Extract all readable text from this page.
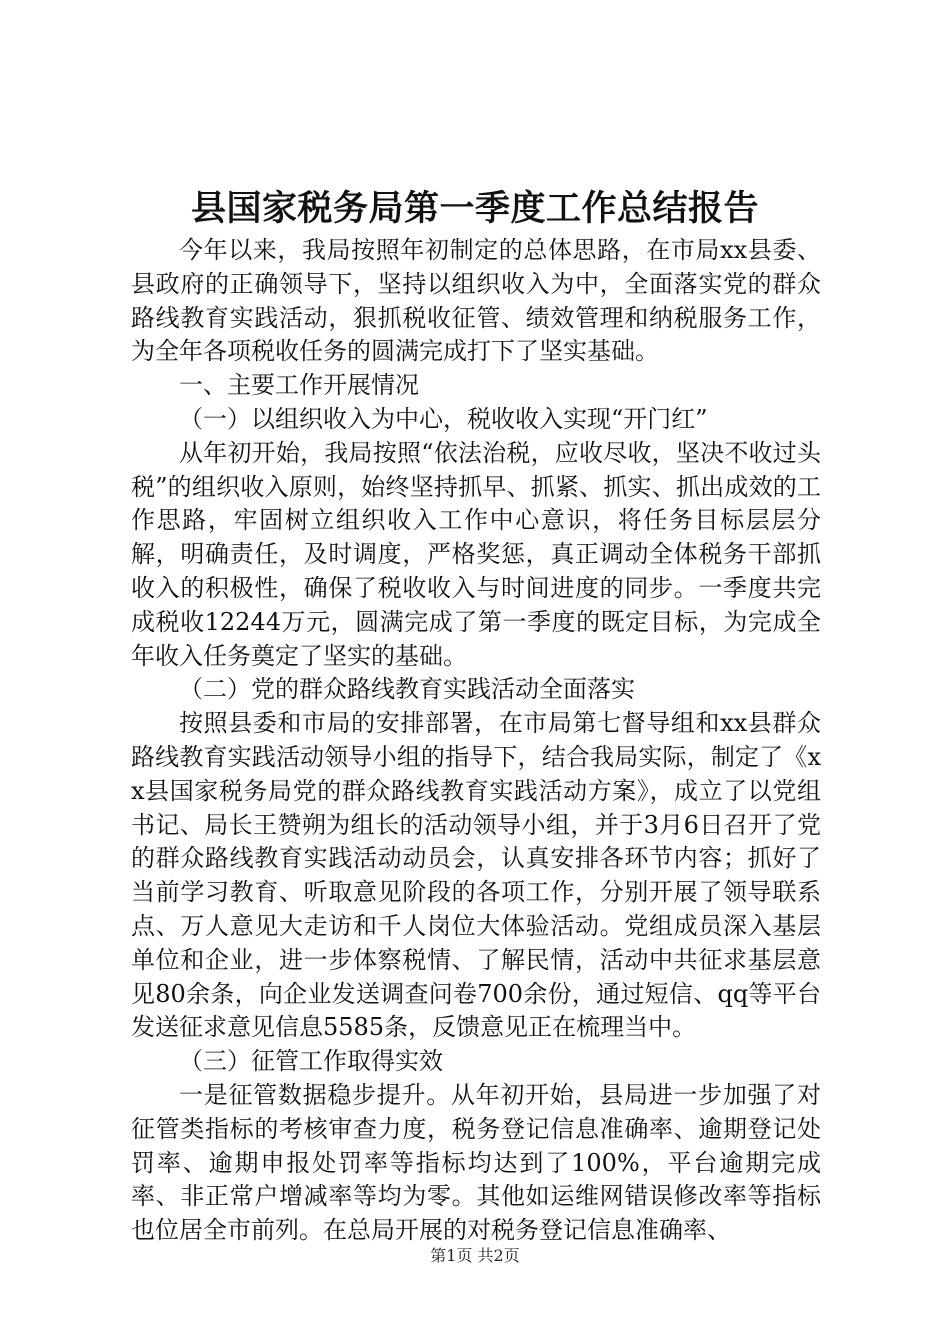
县国家税务局第一季度工作总结报告

今年以来，我局按照年初制定的总体思路，在市局xx县委、县政府的正确领导下，坚持以组织收入为中，全面落实党的群众路线教育实践活动，狠抓税收征管、绩效管理和纳税服务工作，为全年各项税收任务的圆满完成打下了坚实基础。

一、主要工作开展情况

（一）以组织收入为中心，税收收入实现“开门红”

从年初开始，我局按照“依法治税，应收尽收，坚决不收过头税”的组织收入原则，始终坚持抓早、抓紧、抓实、抓出成效的工作思路，牢固树立组织收入工作中心意识，将任务目标层层分解，明确责任，及时调度，严格奖惩，真正调动全体税务干部抓收入的积极性，确保了税收收入与时间进度的同步。一季度共完成税收12244万元，圆满完成了第一季度的既定目标，为完成全年收入任务奠定了坚实的基础。

（二）党的群众路线教育实践活动全面落实

按照县委和市局的安排部署，在市局第七督导组和xx县群众路线教育实践活动领导小组的指导下，结合我局实际，制定了《xx县国家税务局党的群众路线教育实践活动方案》，成立了以党组书记、局长王赞朔为组长的活动领导小组，并于3月6日召开了党的群众路线教育实践活动动员会，认真安排各环节内容；抓好了当前学习教育、听取意见阶段的各项工作，分别开展了领导联系点、万人意见大走访和千人岗位大体验活动。党组成员深入基层单位和企业，进一步体察税情、了解民情，活动中共征求基层意见80余条，向企业发送调查问卷700余份，通过短信、qq等平台发送征求意见信息5585条，反馈意见正在梳理当中。

（三）征管工作取得实效

一是征管数据稳步提升。从年初开始，县局进一步加强了对征管类指标的考核审查力度，税务登记信息准确率、逾期登记处罚率、逾期申报处罚率等指标均达到了100%，平台逾期完成率、非正常户增减率等均为零。其他如运维网错误修改率等指标也位居全市前列。在总局开展的对税务登记信息准确率、

第1页 共2页
